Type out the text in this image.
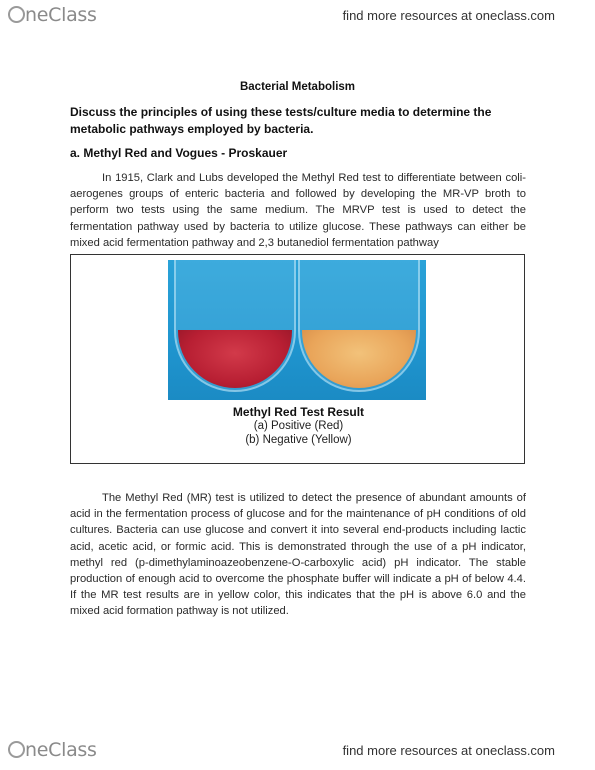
neClass	find more resources at oneclass.com
Bacterial Metabolism
Discuss the principles of using these tests/culture media to determine the metabolic pathways employed by bacteria.
a. Methyl Red and Vogues - Proskauer
In 1915, Clark and Lubs developed the Methyl Red test to differentiate between coli-aerogenes groups of enteric bacteria and followed by developing the MR-VP broth to perform two tests using the same medium. The MRVP test is used to detect the fermentation pathway used by bacteria to utilize glucose. These pathways can either be mixed acid fermentation pathway and 2,3 butanediol fermentation pathway
Methyl Red Test Result
(a) Positive (Red)
(b) Negative (Yellow)
The Methyl Red (MR) test is utilized to detect the presence of abundant amounts of acid in the fermentation process of glucose and for the maintenance of pH conditions of old cultures. Bacteria can use glucose and convert it into several end-products including lactic acid, acetic acid, or formic acid. This is demonstrated through the use of a pH indicator, methyl red (p-dimethylaminoazeobenzene-O-carboxylic acid) pH indicator. The stable production of enough acid to overcome the phosphate buffer will indicate a pH of below 4.4. If the MR test results are in yellow color, this indicates that the pH is above 6.0 and the mixed acid formation pathway is not utilized.
neClass	find more resources at oneclass.com
